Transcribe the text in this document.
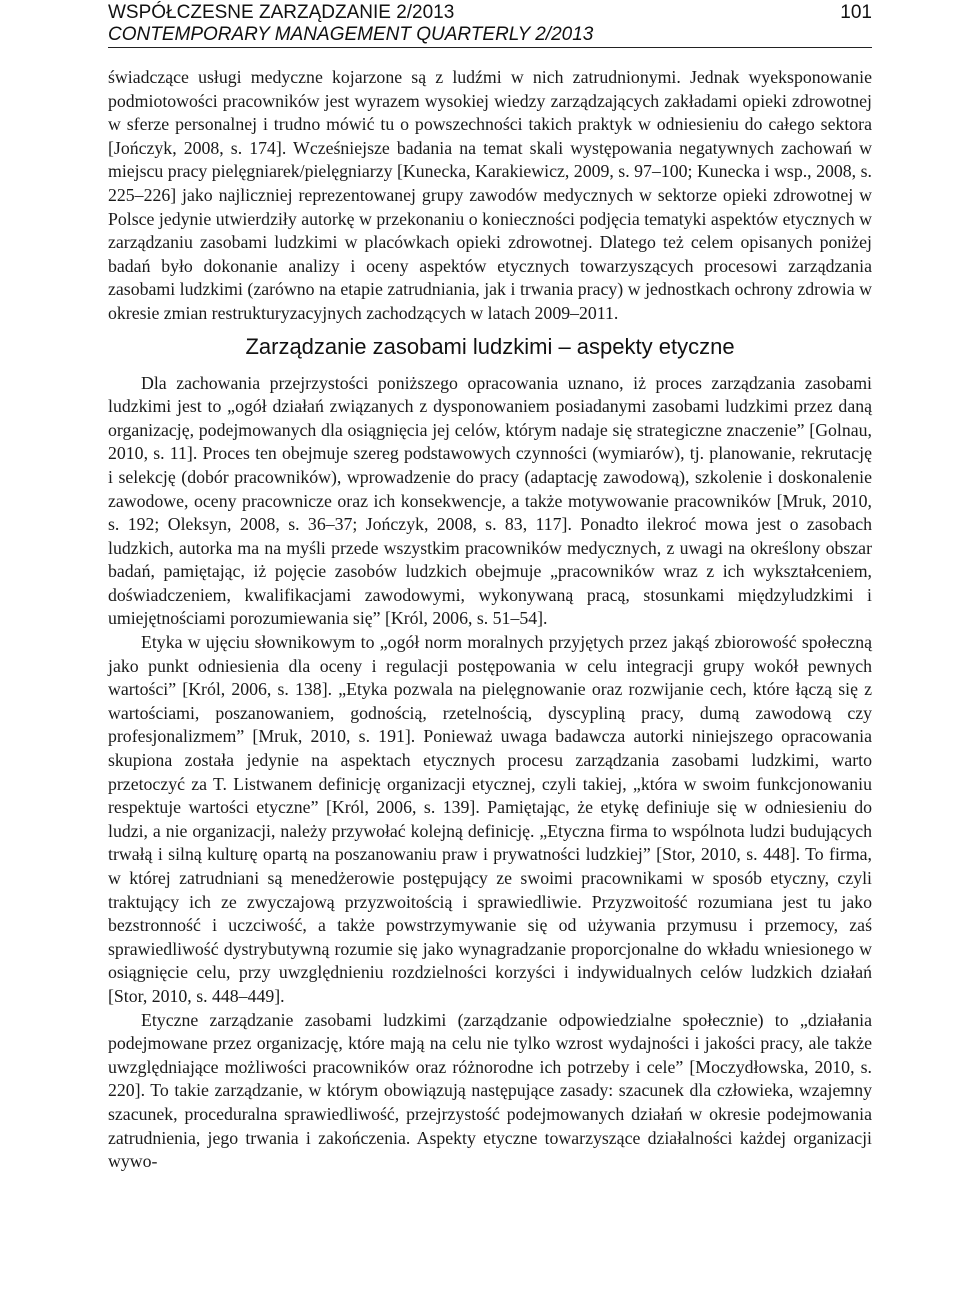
WSPÓŁCZESNE ZARZĄDZANIE 2/2013	101
CONTEMPORARY MANAGEMENT QUARTERLY 2/2013

świadczące usługi medyczne kojarzone są z ludźmi w nich zatrudnionymi. Jednak wyeksponowanie podmiotowości pracowników jest wyrazem wysokiej wiedzy zarządzających zakładami opieki zdrowotnej w sferze personalnej i trudno mówić tu o powszechności takich praktyk w odniesieniu do całego sektora [Jończyk, 2008, s. 174]. Wcześniejsze badania na temat skali występowania negatywnych zachowań w miejscu pracy pielęgniarek/pielęgniarzy [Kunecka, Karakiewicz, 2009, s. 97–100; Kunecka i wsp., 2008, s. 225–226] jako najliczniej reprezentowanej grupy zawodów medycznych w sektorze opieki zdrowotnej w Polsce jedynie utwierdziły autorkę w przekonaniu o konieczności podjęcia tematyki aspektów etycznych w zarządzaniu zasobami ludzkimi w placówkach opieki zdrowotnej. Dlatego też celem opisanych poniżej badań było dokonanie analizy i oceny aspektów etycznych towarzyszących procesowi zarządzania zasobami ludzkimi (zarówno na etapie zatrudniania, jak i trwania pracy) w jednostkach ochrony zdrowia w okresie zmian restrukturyzacyjnych zachodzących w latach 2009–2011.

Zarządzanie zasobami ludzkimi – aspekty etyczne

Dla zachowania przejrzystości poniższego opracowania uznano, iż proces zarządzania zasobami ludzkimi jest to „ogół działań związanych z dysponowaniem posiadanymi zasobami ludzkimi przez daną organizację, podejmowanych dla osiągnięcia jej celów, którym nadaje się strategiczne znaczenie” [Golnau, 2010, s. 11]. Proces ten obejmuje szereg podstawowych czynności (wymiarów), tj. planowanie, rekrutację i selekcję (dobór pracowników), wprowadzenie do pracy (adaptację zawodową), szkolenie i doskonalenie zawodowe, oceny pracownicze oraz ich konsekwencje, a także motywowanie pracowników [Mruk, 2010, s. 192; Oleksyn, 2008, s. 36–37; Jończyk, 2008, s. 83, 117]. Ponadto ilekroć mowa jest o zasobach ludzkich, autorka ma na myśli przede wszystkim pracowników medycznych, z uwagi na określony obszar badań, pamiętając, iż pojęcie zasobów ludzkich obejmuje „pracowników wraz z ich wykształceniem, doświadczeniem, kwalifikacjami zawodowymi, wykonywaną pracą, stosunkami międzyludzkimi i umiejętnościami porozumiewania się” [Król, 2006, s. 51–54].

Etyka w ujęciu słownikowym to „ogół norm moralnych przyjętych przez jakąś zbiorowość społeczną jako punkt odniesienia dla oceny i regulacji postępowania w celu integracji grupy wokół pewnych wartości” [Król, 2006, s. 138]. „Etyka pozwala na pielęgnowanie oraz rozwijanie cech, które łączą się z wartościami, poszanowaniem, godnością, rzetelnością, dyscypliną pracy, dumą zawodową czy profesjonalizmem” [Mruk, 2010, s. 191]. Ponieważ uwaga badawcza autorki niniejszego opracowania skupiona została jedynie na aspektach etycznych procesu zarządzania zasobami ludzkimi, warto przetoczyć za T. Listwanem definicję organizacji etycznej, czyli takiej, „która w swoim funkcjonowaniu respektuje wartości etyczne” [Król, 2006, s. 139]. Pamiętając, że etykę definiuje się w odniesieniu do ludzi, a nie organizacji, należy przywołać kolejną definicję. „Etyczna firma to wspólnota ludzi budujących trwałą i silną kulturę opartą na poszanowaniu praw i prywatności ludzkiej” [Stor, 2010, s. 448]. To firma, w której zatrudniani są menedżerowie postępujący ze swoimi pracownikami w sposób etyczny, czyli traktujący ich ze zwyczajową przyzwoitością i sprawiedliwie. Przyzwoitość rozumiana jest tu jako bezstronność i uczciwość, a także powstrzymywanie się od używania przymusu i przemocy, zaś sprawiedliwość dystrybutywną rozumie się jako wynagradzanie proporcjonalne do wkładu wniesionego w osiągnięcie celu, przy uwzględnieniu rozdzielności korzyści i indywidualnych celów ludzkich działań [Stor, 2010, s. 448–449].

Etyczne zarządzanie zasobami ludzkimi (zarządzanie odpowiedzialne społecznie) to „działania podejmowane przez organizację, które mają na celu nie tylko wzrost wydajności i jakości pracy, ale także uwzględniające możliwości pracowników oraz różnorodne ich potrzeby i cele” [Moczydłowska, 2010, s. 220]. To takie zarządzanie, w którym obowiązują następujące zasady: szacunek dla człowieka, wzajemny szacunek, proceduralna sprawiedliwość, przejrzystość podejmowanych działań w okresie podejmowania zatrudnienia, jego trwania i zakończenia. Aspekty etyczne towarzyszące działalności każdej organizacji wywo-
